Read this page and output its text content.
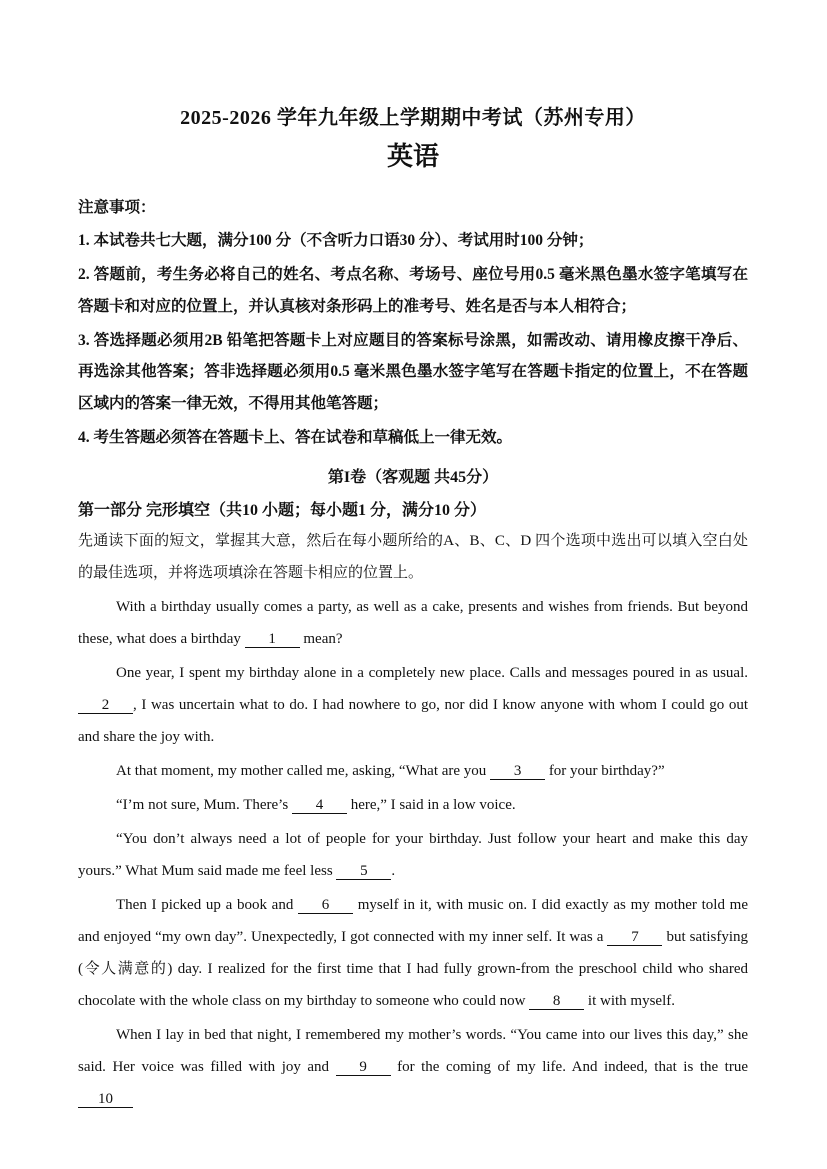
2025-2026 学年九年级上学期期中考试（苏州专用）
英语

注意事项：

1. 本试卷共七大题，满分100 分（不含听力口语30 分）、考试用时100 分钟；

2. 答题前，考生务必将自己的姓名、考点名称、考场号、座位号用0.5 毫米黑色墨水签字笔填写在答题卡和对应的位置上，并认真核对条形码上的准考号、姓名是否与本人相符合；

3. 答选择题必须用2B 铅笔把答题卡上对应题目的答案标号涂黑，如需改动、请用橡皮擦干净后、再选涂其他答案；答非选择题必须用0.5 毫米黑色墨水签字笔写在答题卡指定的位置上，不在答题区域内的答案一律无效，不得用其他笔答题；

4. 考生答题必须答在答题卡上、答在试卷和草稿低上一律无效。

第I卷（客观题 共45分）

第一部分 完形填空（共10 小题；每小题1 分，满分10 分）

先通读下面的短文，掌握其大意，然后在每小题所给的A、B、C、D 四个选项中选出可以填入空白处的最佳选项，并将选项填涂在答题卡相应的位置上。

With a birthday usually comes a party, as well as a cake, presents and wishes from friends. But beyond these, what does a birthday 1 mean?

One year, I spent my birthday alone in a completely new place. Calls and messages poured in as usual. 2 , I was uncertain what to do. I had nowhere to go, nor did I know anyone with whom I could go out and share the joy with.

At that moment, my mother called me, asking, “What are you 3 for your birthday?”

“I’m not sure, Mum. There’s 4 here,” I said in a low voice.

“You don’t always need a lot of people for your birthday. Just follow your heart and make this day yours.” What Mum said made me feel less 5 .

Then I picked up a book and 6 myself in it, with music on. I did exactly as my mother told me and enjoyed “my own day”. Unexpectedly, I got connected with my inner self. It was a 7 but satisfying (令人满意的) day. I realized for the first time that I had fully grown-from the preschool child who shared chocolate with the whole class on my birthday to someone who could now 8 it with myself.

When I lay in bed that night, I remembered my mother’s words. “You came into our lives this day,” she said. Her voice was filled with joy and 9 for the coming of my life. And indeed, that is the true 10
